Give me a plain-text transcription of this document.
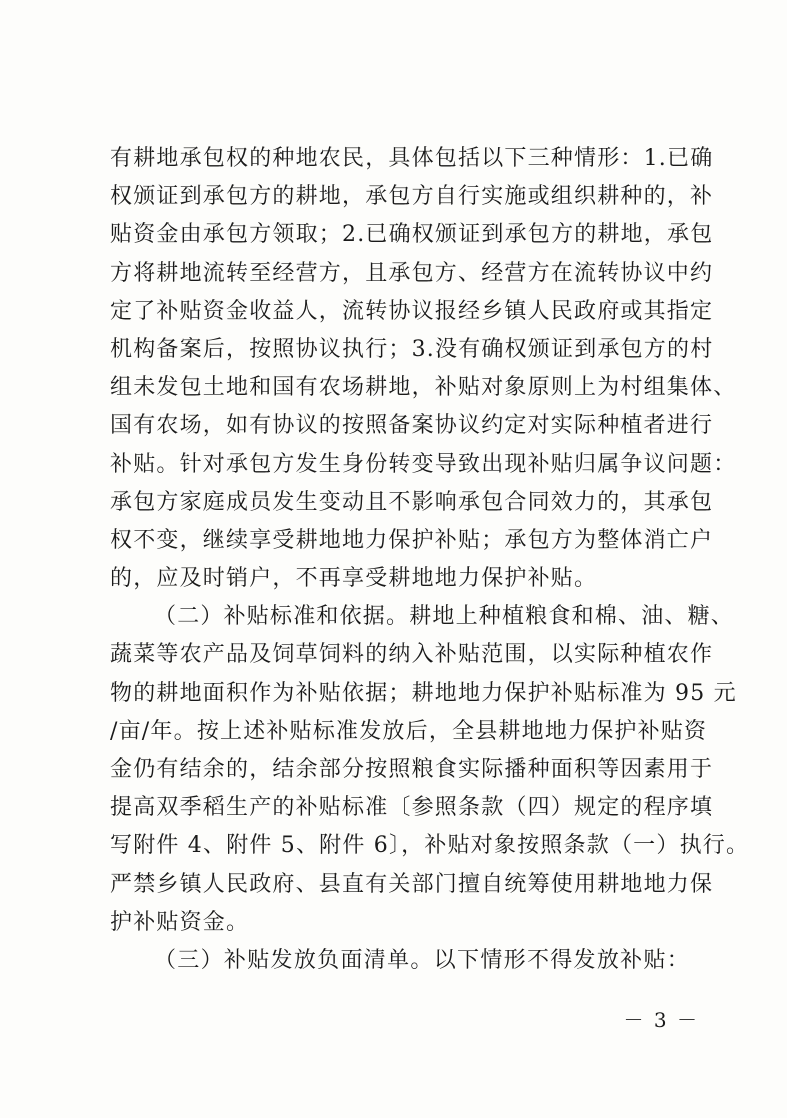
有耕地承包权的种地农民，具体包括以下三种情形：1.已确
权颁证到承包方的耕地，承包方自行实施或组织耕种的，补
贴资金由承包方领取；2.已确权颁证到承包方的耕地，承包
方将耕地流转至经营方，且承包方、经营方在流转协议中约
定了补贴资金收益人，流转协议报经乡镇人民政府或其指定
机构备案后，按照协议执行；3.没有确权颁证到承包方的村
组未发包土地和国有农场耕地，补贴对象原则上为村组集体、
国有农场，如有协议的按照备案协议约定对实际种植者进行
补贴。针对承包方发生身份转变导致出现补贴归属争议问题：
承包方家庭成员发生变动且不影响承包合同效力的，其承包
权不变，继续享受耕地地力保护补贴；承包方为整体消亡户
的，应及时销户，不再享受耕地地力保护补贴。
（二）补贴标准和依据。耕地上种植粮食和棉、油、糖、
蔬菜等农产品及饲草饲料的纳入补贴范围，以实际种植农作
物的耕地面积作为补贴依据；耕地地力保护补贴标准为 95 元
/亩/年。按上述补贴标准发放后，全县耕地地力保护补贴资
金仍有结余的，结余部分按照粮食实际播种面积等因素用于
提高双季稻生产的补贴标准〔参照条款（四）规定的程序填
写附件 4、附件 5、附件 6〕，补贴对象按照条款（一）执行。
严禁乡镇人民政府、县直有关部门擅自统筹使用耕地地力保
护补贴资金。
（三）补贴发放负面清单。以下情形不得发放补贴：
－ 3 －
